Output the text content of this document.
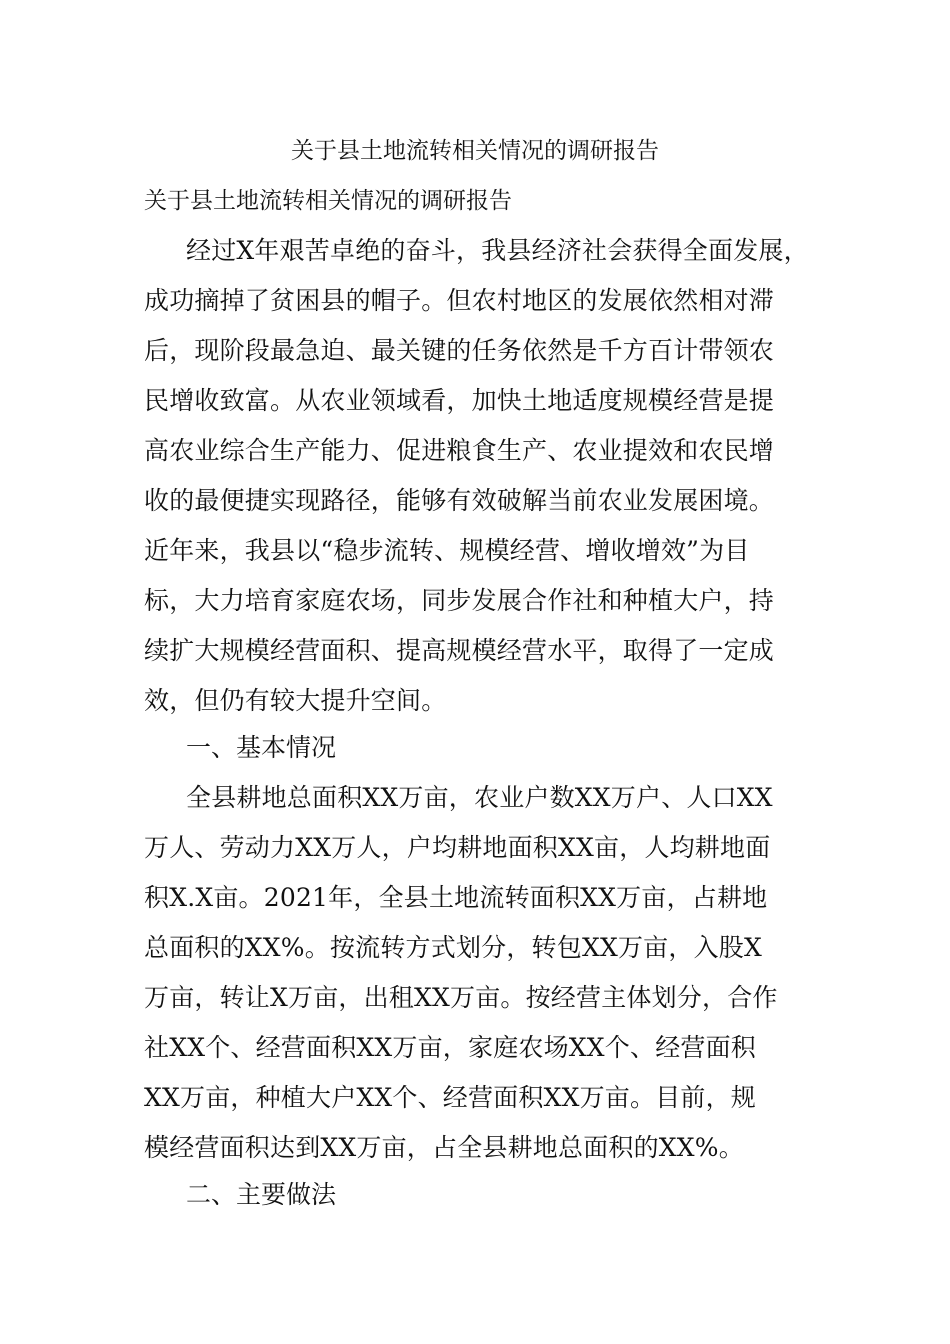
关于县土地流转相关情况的调研报告
关于县土地流转相关情况的调研报告
经过X年艰苦卓绝的奋斗，我县经济社会获得全面发展，
成功摘掉了贫困县的帽子。但农村地区的发展依然相对滞
后，现阶段最急迫、最关键的任务依然是千方百计带领农
民增收致富。从农业领域看，加快土地适度规模经营是提
高农业综合生产能力、促进粮食生产、农业提效和农民增
收的最便捷实现路径，能够有效破解当前农业发展困境。
近年来，我县以“稳步流转、规模经营、增收增效”为目
标，大力培育家庭农场，同步发展合作社和种植大户，持
续扩大规模经营面积、提高规模经营水平，取得了一定成
效，但仍有较大提升空间。
一、基本情况
全县耕地总面积XX万亩，农业户数XX万户、人口XX
万人、劳动力XX万人，户均耕地面积XX亩，人均耕地面
积X.X亩。2021年，全县土地流转面积XX万亩，占耕地
总面积的XX%。按流转方式划分，转包XX万亩，入股X
万亩，转让X万亩，出租XX万亩。按经营主体划分，合作
社XX个、经营面积XX万亩，家庭农场XX个、经营面积
XX万亩，种植大户XX个、经营面积XX万亩。目前，规
模经营面积达到XX万亩，占全县耕地总面积的XX%。
二、主要做法
